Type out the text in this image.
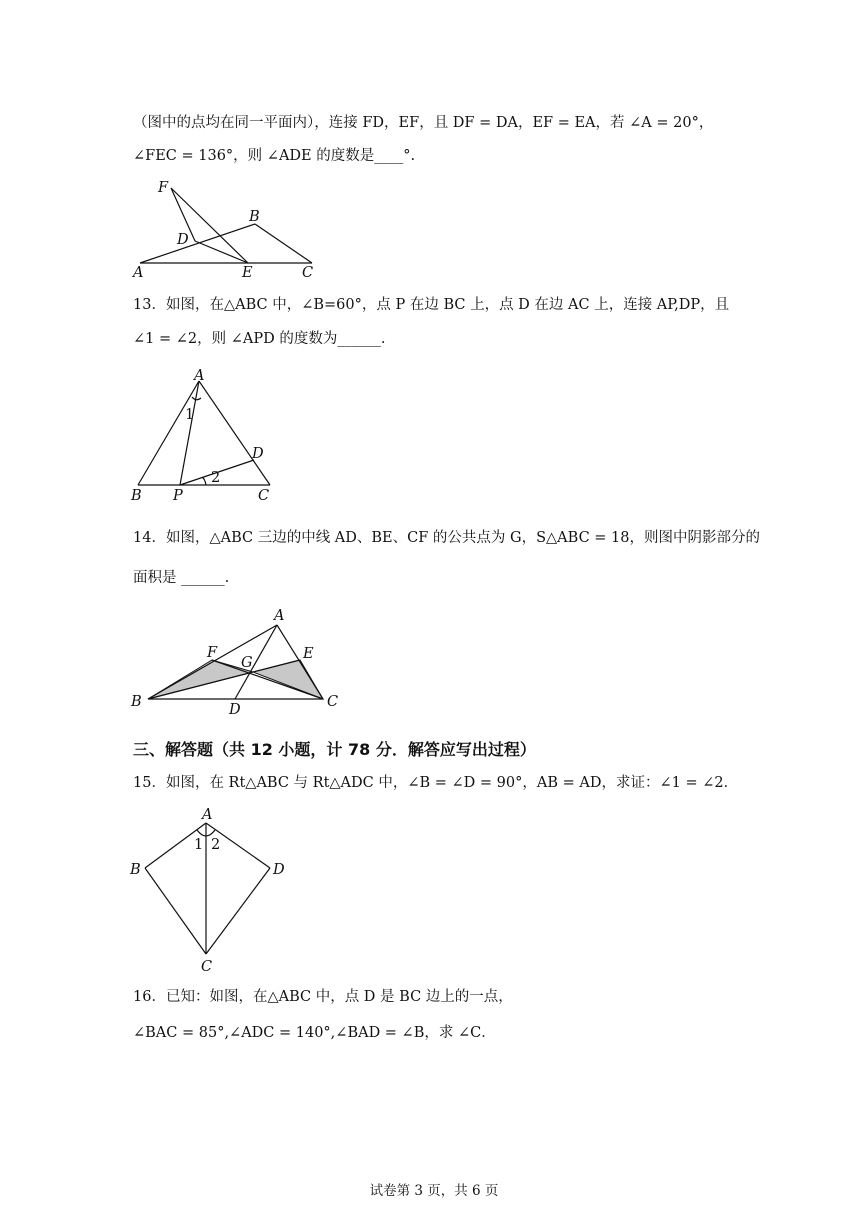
（图中的点均在同一平面内），连接 FD，EF，且 DF = DA，EF = EA，若 ∠A = 20°，
∠FEC = 136°，则 ∠ADE 的度数是____°.
F
B
D
A	E	C
13．如图，在△ABC 中，∠B=60°，点 P 在边 BC 上，点 D 在边 AC 上，连接 AP,DP，且
∠1 = ∠2，则 ∠APD 的度数为______.
A
1
D
2
B P	C
14．如图，△ABC 三边的中线 AD、BE、CF 的公共点为 G，S△ABC = 18，则图中阴影部分的
面积是 ______.
A
F
G
E
B	C
D
三、解答题（共 12 小题，计 78 分．解答应写出过程）
15．如图，在 Rt△ABC 与 Rt△ADC 中，∠B = ∠D = 90°，AB = AD，求证：∠1 = ∠2．
A
1 2
B	D
C
16．已知：如图，在△ABC 中，点 D 是 BC 边上的一点，
∠BAC = 85°,∠ADC = 140°,∠BAD = ∠B，求 ∠C．
试卷第 3 页，共 6 页
